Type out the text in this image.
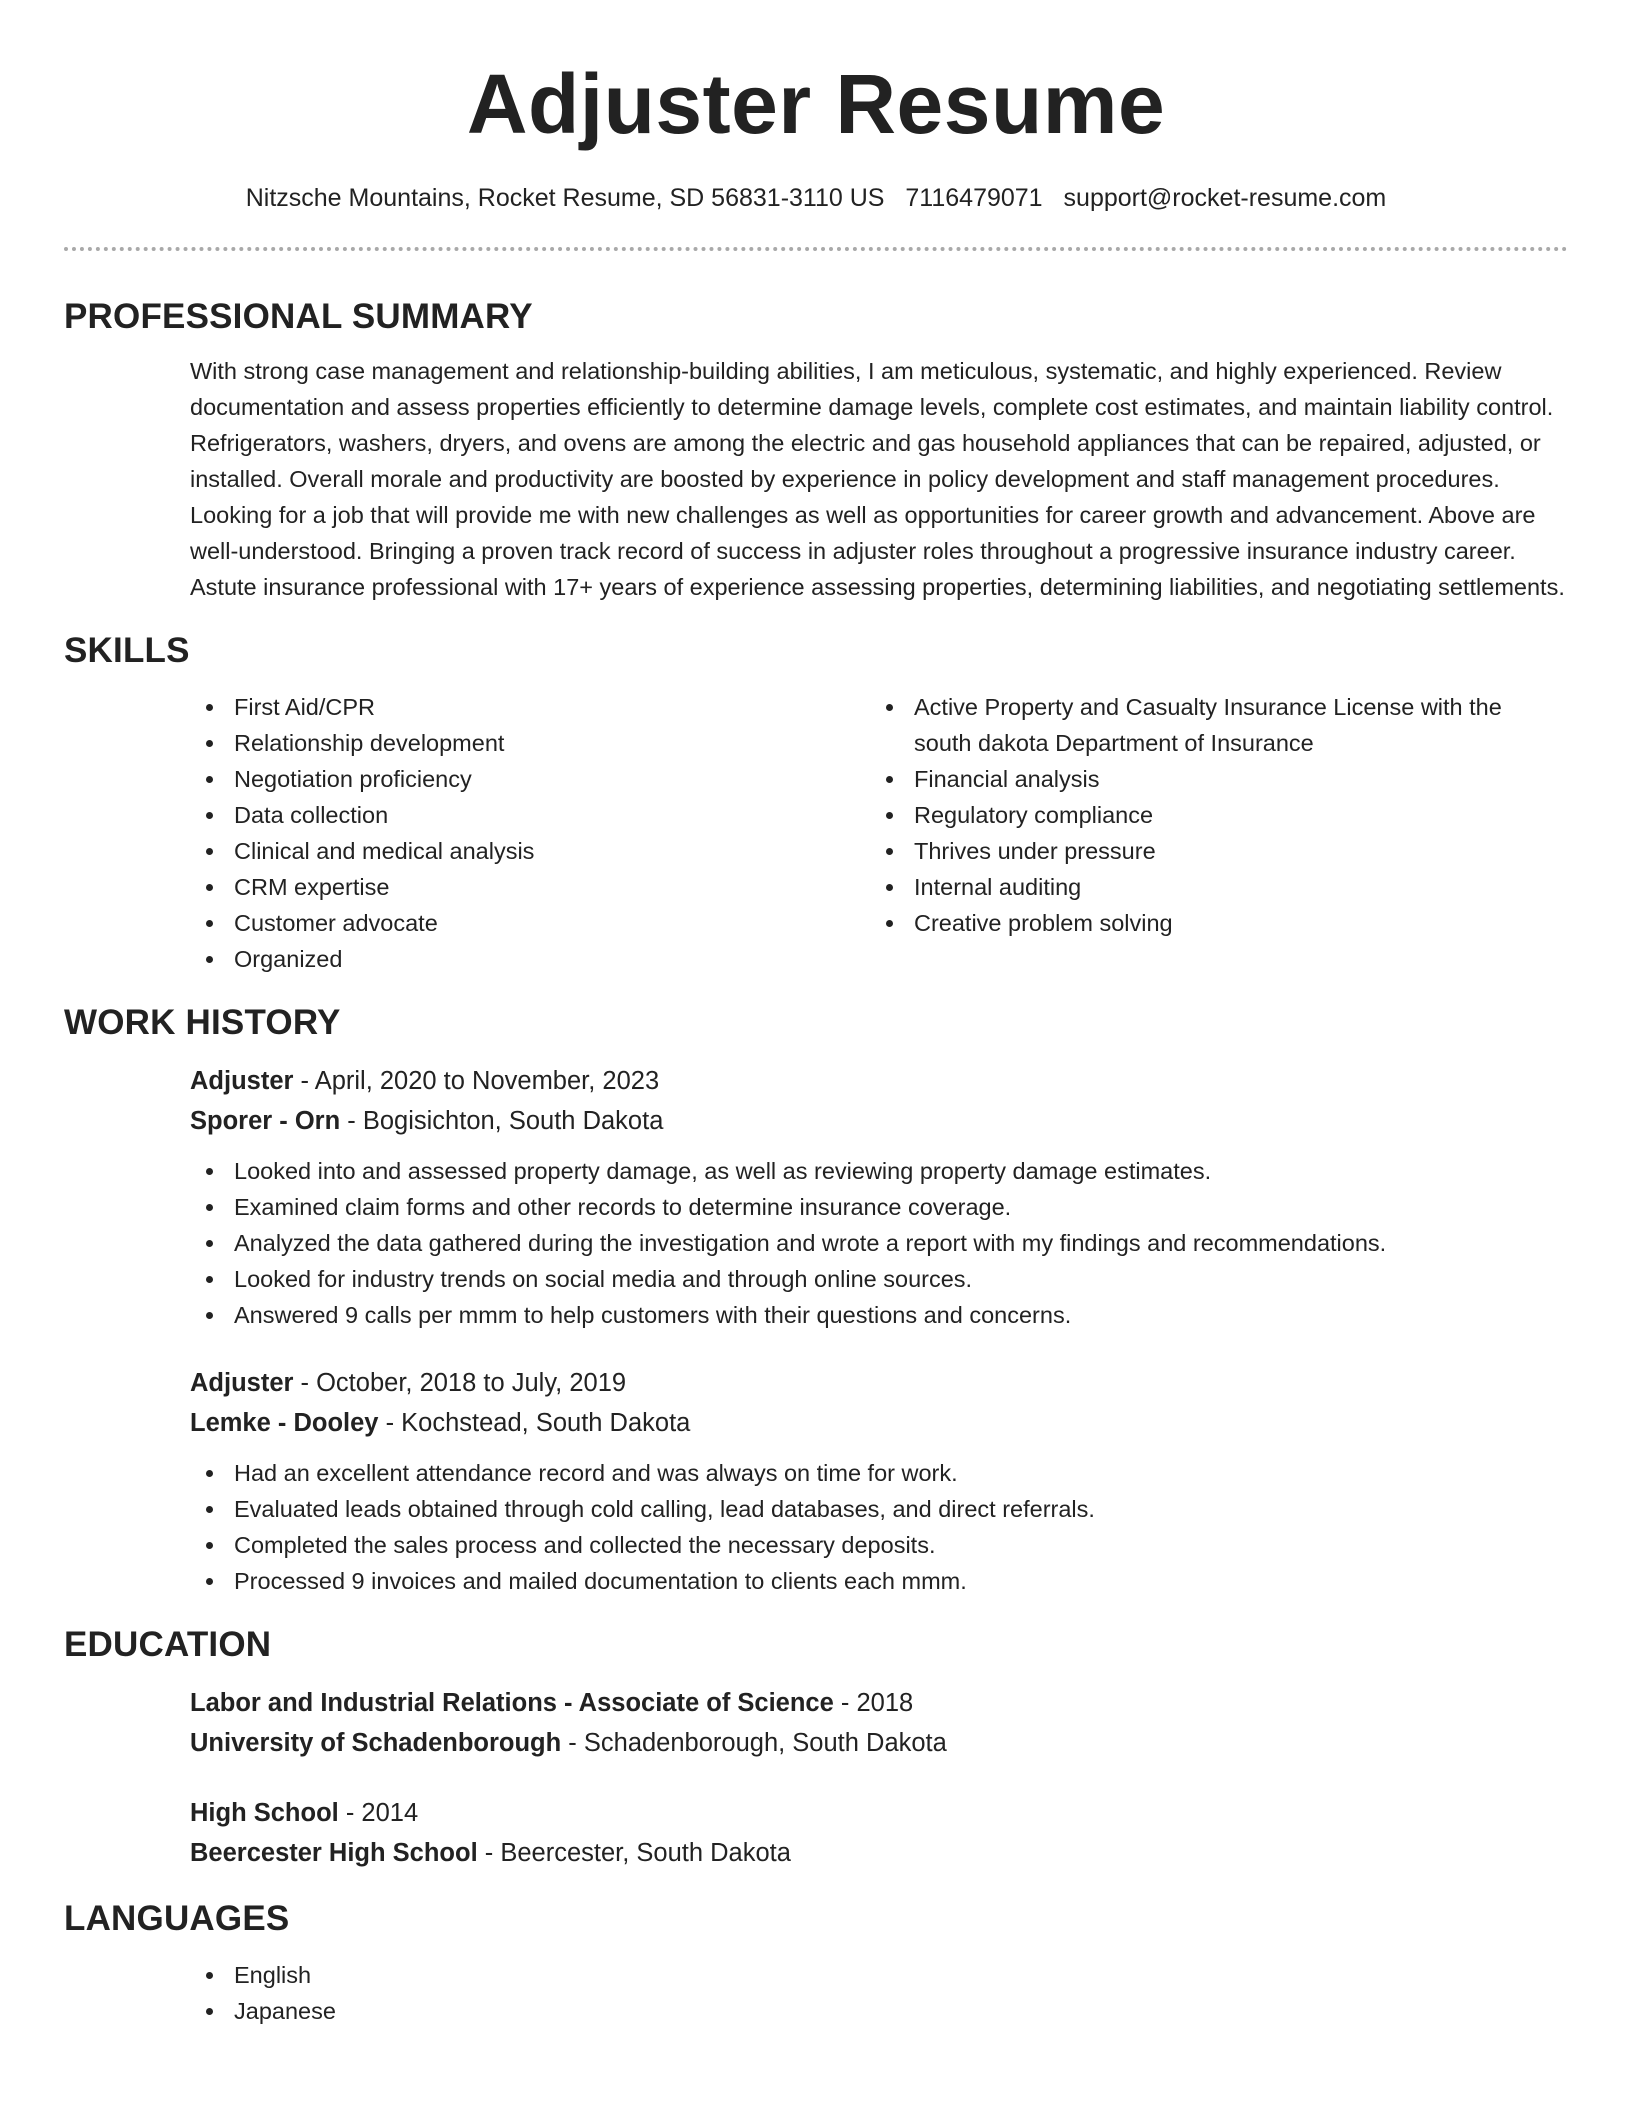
Adjuster Resume
Nitzsche Mountains, Rocket Resume, SD 56831-3110 US 7116479071 support@rocket-resume.com
PROFESSIONAL SUMMARY

With strong case management and relationship-building abilities, I am meticulous, systematic, and highly experienced. Review documentation and assess properties efficiently to determine damage levels, complete cost estimates, and maintain liability control. Refrigerators, washers, dryers, and ovens are among the electric and gas household appliances that can be repaired, adjusted, or installed. Overall morale and productivity are boosted by experience in policy development and staff management procedures. Looking for a job that will provide me with new challenges as well as opportunities for career growth and advancement. Above are well-understood. Bringing a proven track record of success in adjuster roles throughout a progressive insurance industry career. Astute insurance professional with 17+ years of experience assessing properties, determining liabilities, and negotiating settlements.

SKILLS
First Aid/CPR
Relationship development
Negotiation proficiency
Data collection
Clinical and medical analysis
CRM expertise
Customer advocate
Organized
Active Property and Casualty Insurance License with the south dakota Department of Insurance
Financial analysis
Regulatory compliance
Thrives under pressure
Internal auditing
Creative problem solving
WORK HISTORY
Adjuster - April, 2020 to November, 2023
Sporer - Orn - Bogisichton, South Dakota
Looked into and assessed property damage, as well as reviewing property damage estimates.
Examined claim forms and other records to determine insurance coverage.
Analyzed the data gathered during the investigation and wrote a report with my findings and recommendations.
Looked for industry trends on social media and through online sources.
Answered 9 calls per mmm to help customers with their questions and concerns.
Adjuster - October, 2018 to July, 2019
Lemke - Dooley - Kochstead, South Dakota
Had an excellent attendance record and was always on time for work.
Evaluated leads obtained through cold calling, lead databases, and direct referrals.
Completed the sales process and collected the necessary deposits.
Processed 9 invoices and mailed documentation to clients each mmm.
EDUCATION
Labor and Industrial Relations - Associate of Science - 2018
University of Schadenborough - Schadenborough, South Dakota
High School - 2014
Beercester High School - Beercester, South Dakota
LANGUAGES
English
Japanese
